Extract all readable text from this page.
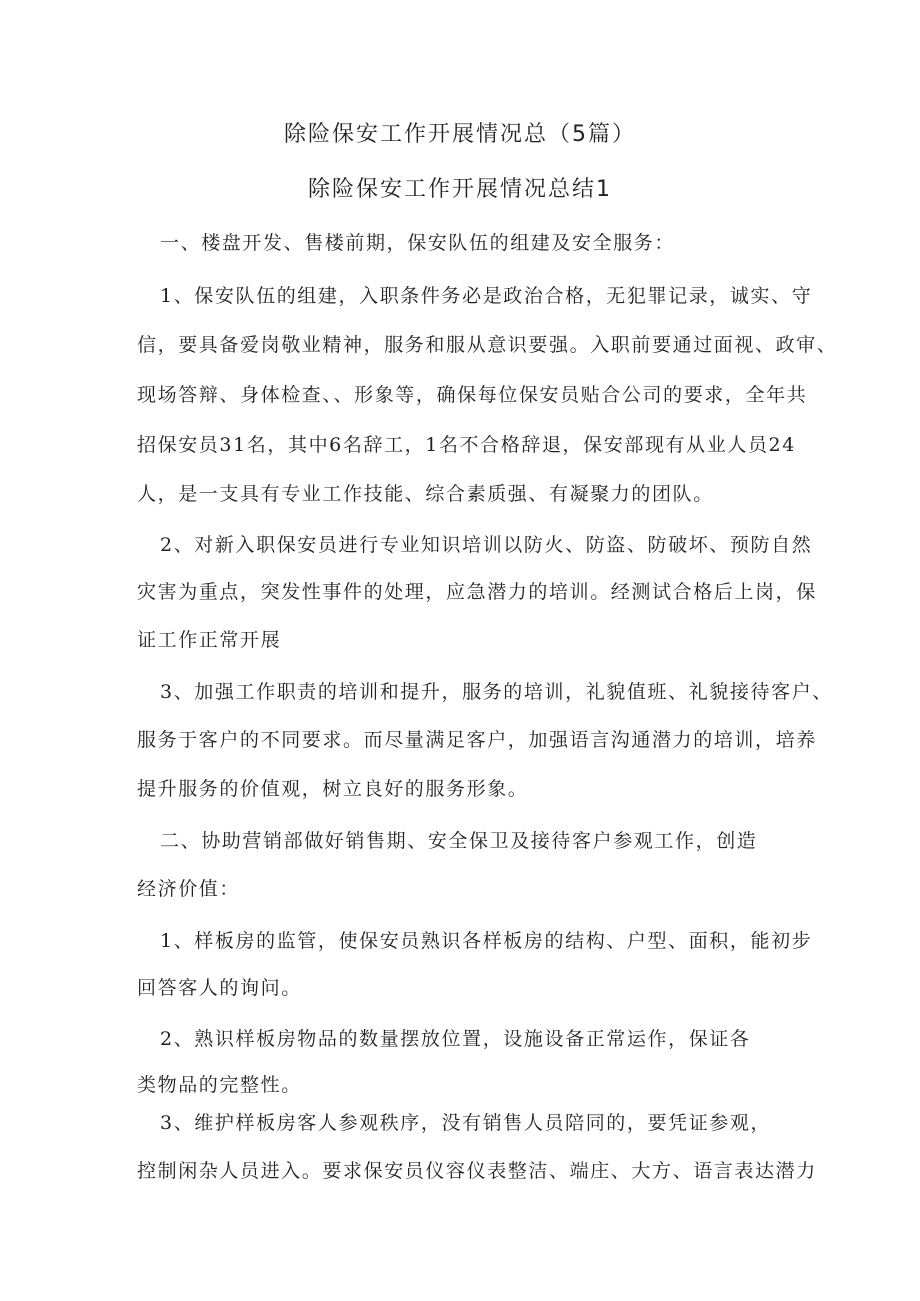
除险保安工作开展情况总（5篇）
除险保安工作开展情况总结1
一、楼盘开发、售楼前期，保安队伍的组建及安全服务：
1、保安队伍的组建，入职条件务必是政治合格，无犯罪记录，诚实、守
信，要具备爱岗敬业精神，服务和服从意识要强。入职前要通过面视、政审、
现场答辩、身体检查、、形象等，确保每位保安员贴合公司的要求，全年共
招保安员31名，其中6名辞工，1名不合格辞退，保安部现有从业人员24
人，是一支具有专业工作技能、综合素质强、有凝聚力的团队。
2、对新入职保安员进行专业知识培训以防火、防盗、防破坏、预防自然
灾害为重点，突发性事件的处理，应急潜力的培训。经测试合格后上岗，保
证工作正常开展
3、加强工作职责的培训和提升，服务的培训，礼貌值班、礼貌接待客户、
服务于客户的不同要求。而尽量满足客户，加强语言沟通潜力的培训，培养
提升服务的价值观，树立良好的服务形象。
二、协助营销部做好销售期、安全保卫及接待客户参观工作，创造
经济价值：
1、样板房的监管，使保安员熟识各样板房的结构、户型、面积，能初步
回答客人的询问。
2、熟识样板房物品的数量摆放位置，设施设备正常运作，保证各
类物品的完整性。
3、维护样板房客人参观秩序，没有销售人员陪同的，要凭证参观，
控制闲杂人员进入。要求保安员仪容仪表整洁、端庄、大方、语言表达潜力
